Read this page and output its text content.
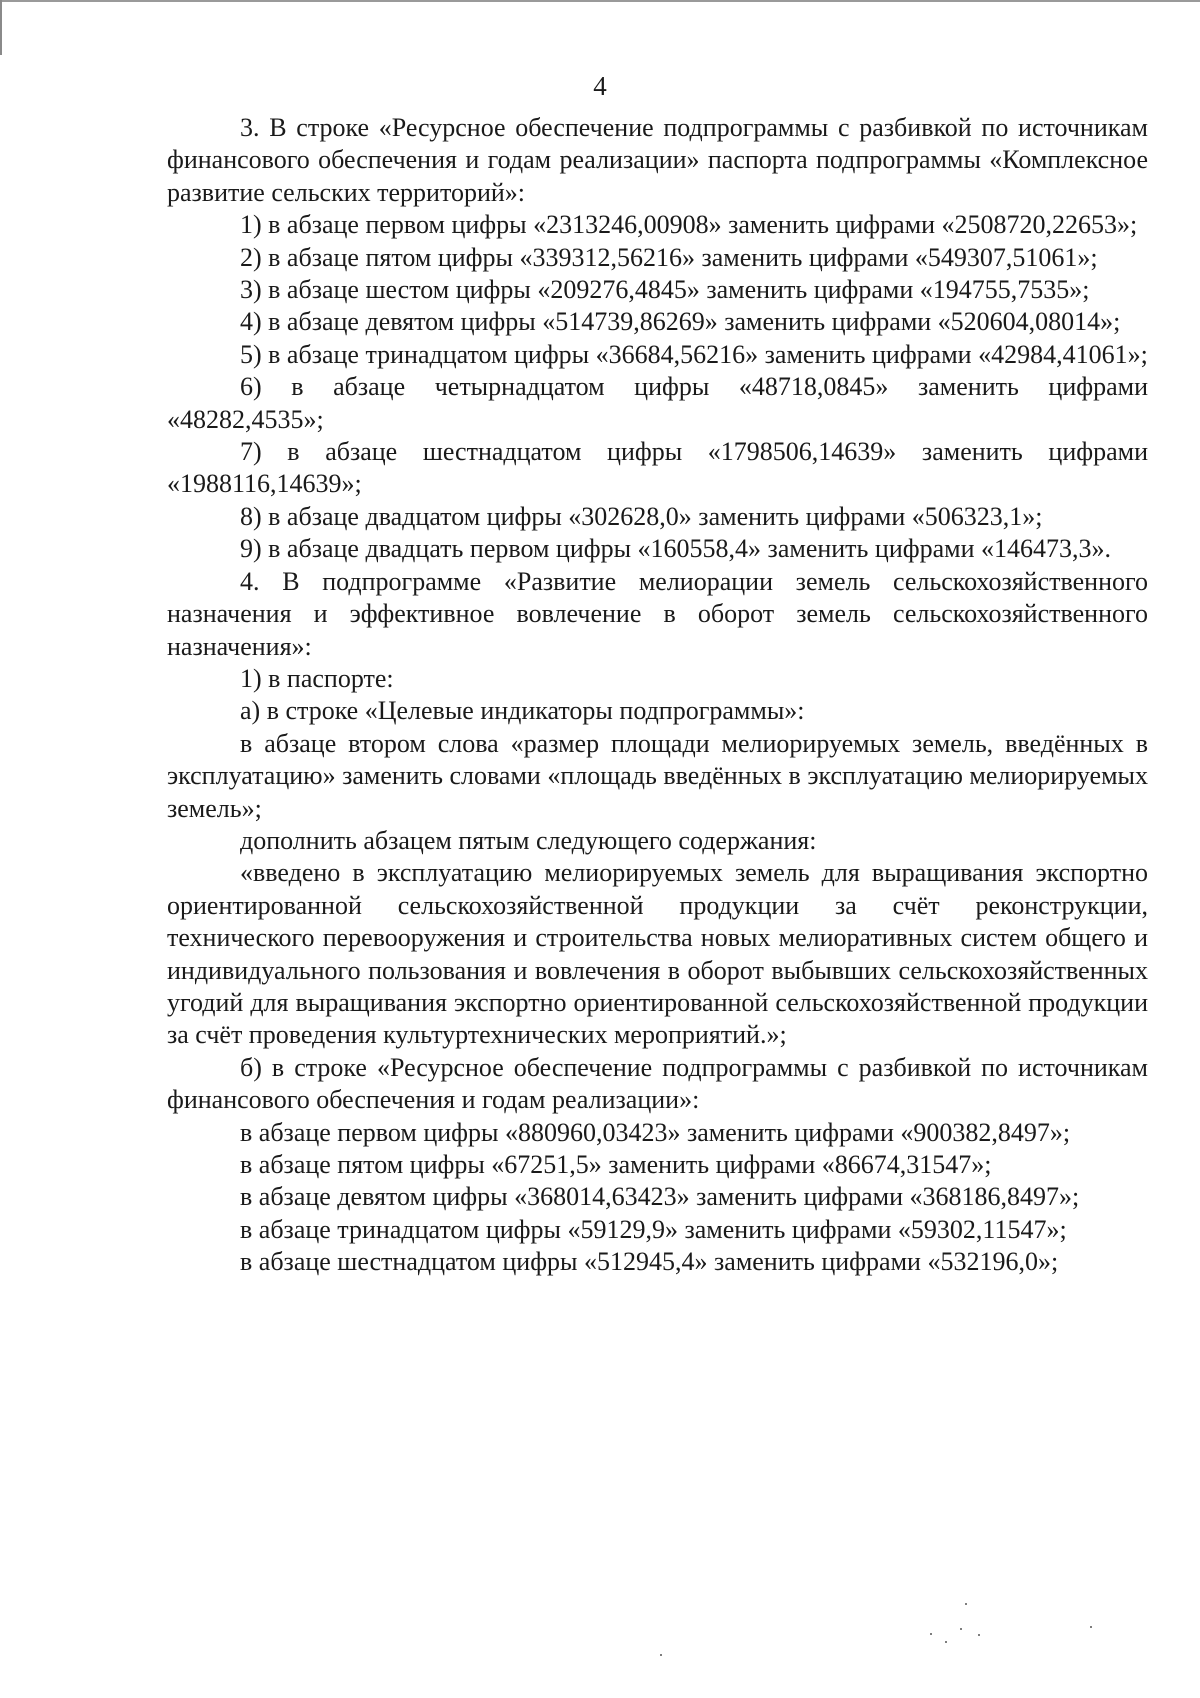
4

3. В строке «Ресурсное обеспечение подпрограммы с разбивкой по источникам финансового обеспечения и годам реализации» паспорта подпрограммы «Комплексное развитие сельских территорий»:

1) в абзаце первом цифры «2313246,00908» заменить цифрами «2508720,22653»;

2) в абзаце пятом цифры «339312,56216» заменить цифрами «549307,51061»;

3) в абзаце шестом цифры «209276,4845» заменить цифрами «194755,7535»;

4) в абзаце девятом цифры «514739,86269» заменить цифрами «520604,08014»;

5) в абзаце тринадцатом цифры «36684,56216» заменить цифрами «42984,41061»;

6) в абзаце четырнадцатом цифры «48718,0845» заменить цифрами «48282,4535»;

7) в абзаце шестнадцатом цифры «1798506,14639» заменить цифрами «1988116,14639»;

8) в абзаце двадцатом цифры «302628,0» заменить цифрами «506323,1»;

9) в абзаце двадцать первом цифры «160558,4» заменить цифрами «146473,3».

4. В подпрограмме «Развитие мелиорации земель сельскохозяйственного назначения и эффективное вовлечение в оборот земель сельскохозяйственного назначения»:

1) в паспорте:

а) в строке «Целевые индикаторы подпрограммы»:

в абзаце втором слова «размер площади мелиорируемых земель, введённых в эксплуатацию» заменить словами «площадь введённых в эксплуатацию мелиорируемых земель»;

дополнить абзацем пятым следующего содержания:

«введено в эксплуатацию мелиорируемых земель для выращивания экспортно ориентированной сельскохозяйственной продукции за счёт реконструкции, технического перевооружения и строительства новых мелиоративных систем общего и индивидуального пользования и вовлечения в оборот выбывших сельскохозяйственных угодий для выращивания экспортно ориентированной сельскохозяйственной продукции за счёт проведения культуртехнических мероприятий.»;

б) в строке «Ресурсное обеспечение подпрограммы с разбивкой по источникам финансового обеспечения и годам реализации»:

в абзаце первом цифры «880960,03423» заменить цифрами «900382,8497»;

в абзаце пятом цифры «67251,5» заменить цифрами «86674,31547»;

в абзаце девятом цифры «368014,63423» заменить цифрами «368186,8497»;

в абзаце тринадцатом цифры «59129,9» заменить цифрами «59302,11547»;

в абзаце шестнадцатом цифры «512945,4» заменить цифрами «532196,0»;
